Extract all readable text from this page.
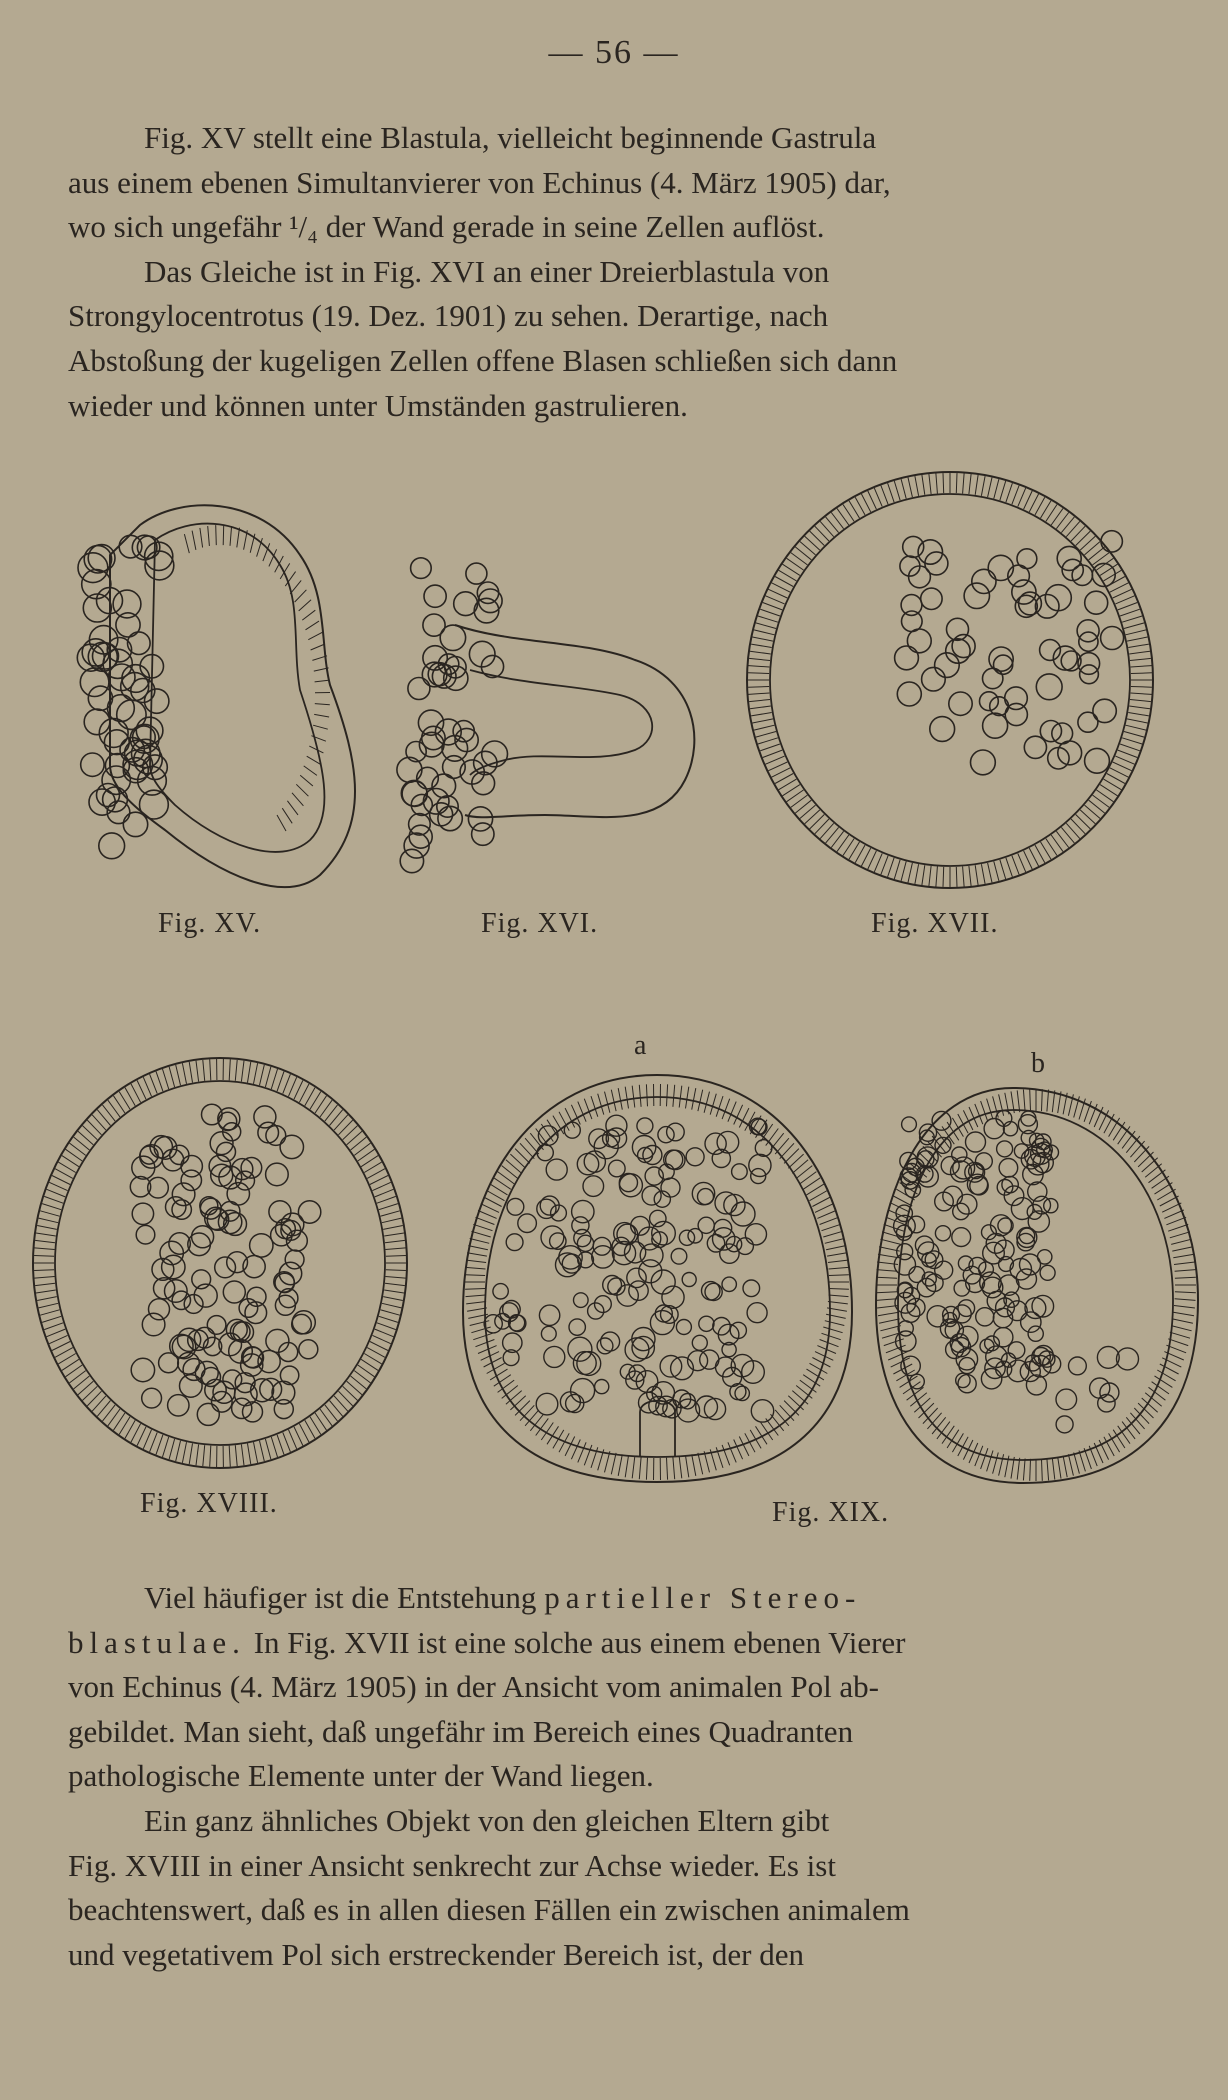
— 56 —
Fig. XV stellt eine Blastula, vielleicht beginnende Gastrula
aus einem ebenen Simultanvierer von Echinus (4. März 1905) dar,
wo sich ungefähr ¹/₄ der Wand gerade in seine Zellen auflöst.
Das Gleiche ist in Fig. XVI an einer Dreierblastula von
Strongylocentrotus (19. Dez. 1901) zu sehen. Derartige, nach
Abstoßung der kugeligen Zellen offene Blasen schließen sich dann
wieder und können unter Umständen gastrulieren.
Fig. XV.	Fig. XVI.	Fig. XVII.
Fig. XVIII.
a
b
Fig. XIX.
Viel häufiger ist die Entstehung partieller Stereo-
blastulae. In Fig. XVII ist eine solche aus einem ebenen Vierer
von Echinus (4. März 1905) in der Ansicht vom animalen Pol ab-
gebildet. Man sieht, daß ungefähr im Bereich eines Quadranten
pathologische Elemente unter der Wand liegen.
Ein ganz ähnliches Objekt von den gleichen Eltern gibt
Fig. XVIII in einer Ansicht senkrecht zur Achse wieder. Es ist
beachtenswert, daß es in allen diesen Fällen ein zwischen animalem
und vegetativem Pol sich erstreckender Bereich ist, der den
